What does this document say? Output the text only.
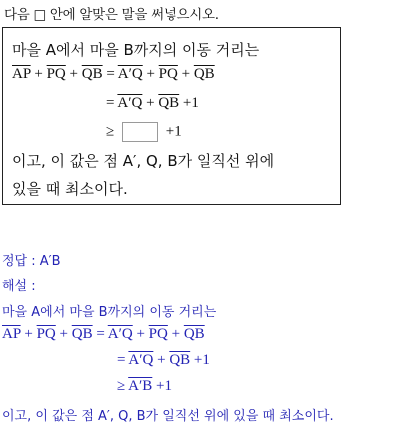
다음 □ 안에 알맞은 말을 써넣으시오.
마을 A에서 마을 B까지의 이동 거리는
$\overline{AP} + \overline{PQ} + \overline{QB} = A'Q + \overline{PQ} + \overline{QB}$
= $A'Q + \overline{QB} +1$
≥	+1
이고, 이 값은 점 A′, Q, B가 일직선 위에
있을 때 최소이다.
정답 : A′B
해설 :
마을 A에서 마을 B까지의 이동 거리는
$\overline{AP} + \overline{PQ} + \overline{QB} = A'Q + \overline{PQ} + \overline{QB}$
= $A'Q + \overline{QB} +1$
≥ A′B +1
이고, 이 값은 점 A′, Q, B가 일직선 위에 있을 때 최소이다.
